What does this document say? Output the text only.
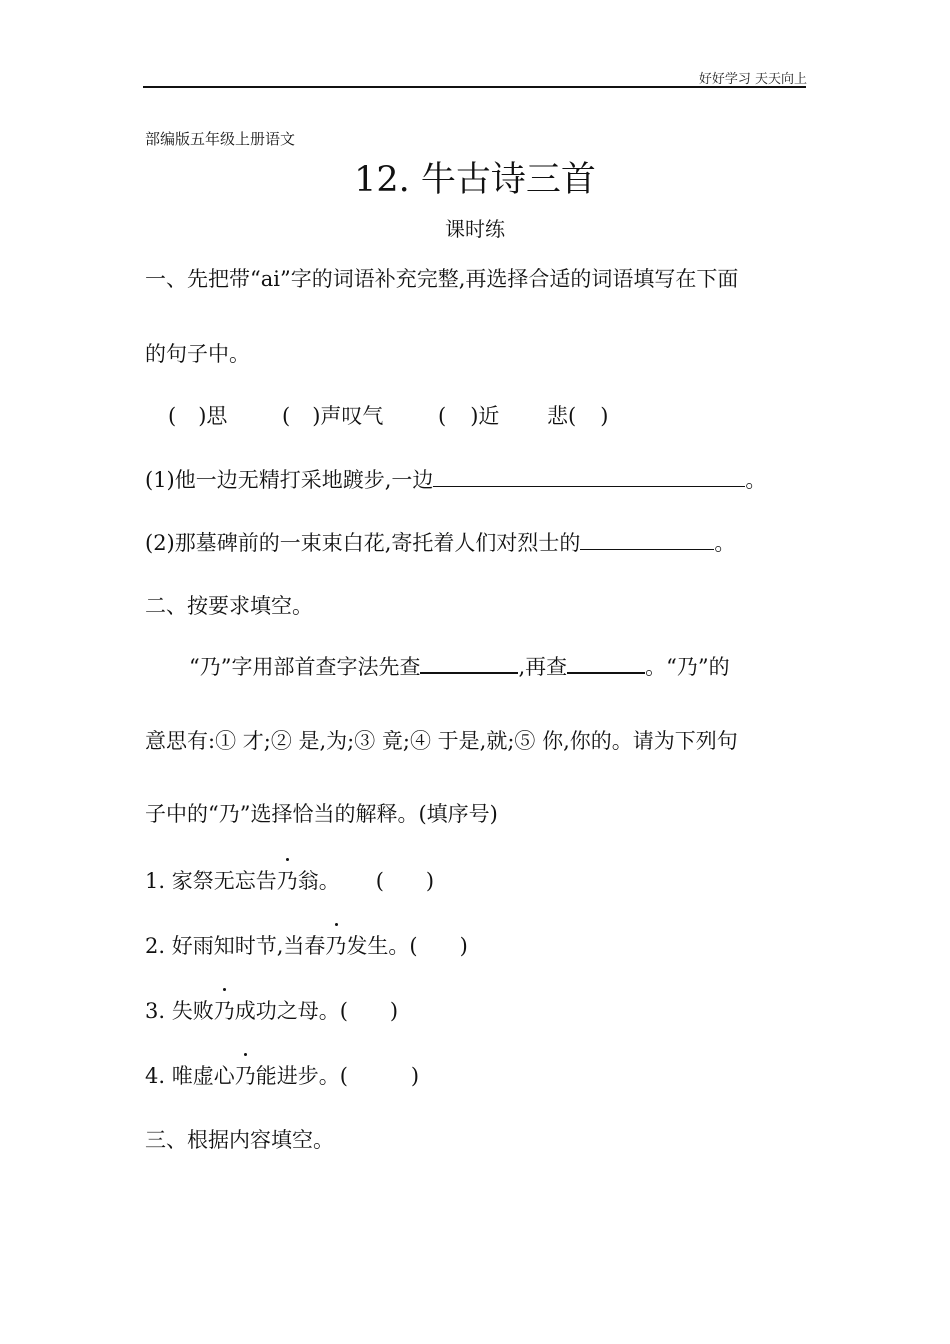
好好学习 天天向上
部编版五年级上册语文
12. 牛古诗三首
课时练
一、先把带“ai”字的词语补充完整,再选择合适的词语填写在下面
的句子中。
( )思	( )声叹气	( )近 悲( )
(1)他一边无精打采地踱步,一边	。
(2)那墓碑前的一束束白花,寄托着人们对烈士的	。
二、按要求填空。
“乃”字用部首查字法先查	,再查	。“乃”的
意思有:① 才;② 是,为;③ 竟;④ 于是,就;⑤ 你,你的。请为下列句
子中的“乃”选择恰当的解释。(填序号)
1. 家祭无忘告乃翁。 (　　)
2. 好雨知时节,当春乃发生。(　　)
3. 失败乃成功之母。(　　)
4. 唯虚心乃能进步。(　　　)
三、根据内容填空。
